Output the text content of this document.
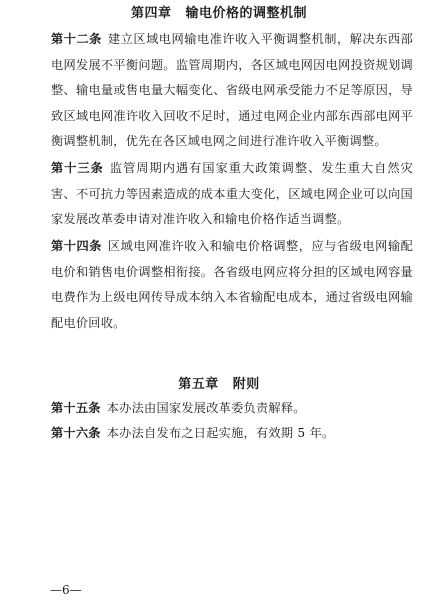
第四章 输电价格的调整机制
第十二条 建立区域电网输电准许收入平衡调整机制，解决东西部电网发展不平衡问题。监管周期内，各区域电网因电网投资规划调整、输电量或售电量大幅变化、省级电网承受能力不足等原因，导致区域电网准许收入回收不足时，通过电网企业内部东西部电网平衡调整机制，优先在各区域电网之间进行准许收入平衡调整。
第十三条 监管周期内遇有国家重大政策调整、发生重大自然灾害、不可抗力等因素造成的成本重大变化，区域电网企业可以向国家发展改革委申请对准许收入和输电价格作适当调整。
第十四条 区域电网准许收入和输电价格调整，应与省级电网输配电价和销售电价调整相衔接。各省级电网应将分担的区域电网容量电费作为上级电网传导成本纳入本省输配电成本，通过省级电网输配电价回收。
第五章 附则
第十五条 本办法由国家发展改革委负责解释。
第十六条 本办法自发布之日起实施，有效期 5 年。
—6—
